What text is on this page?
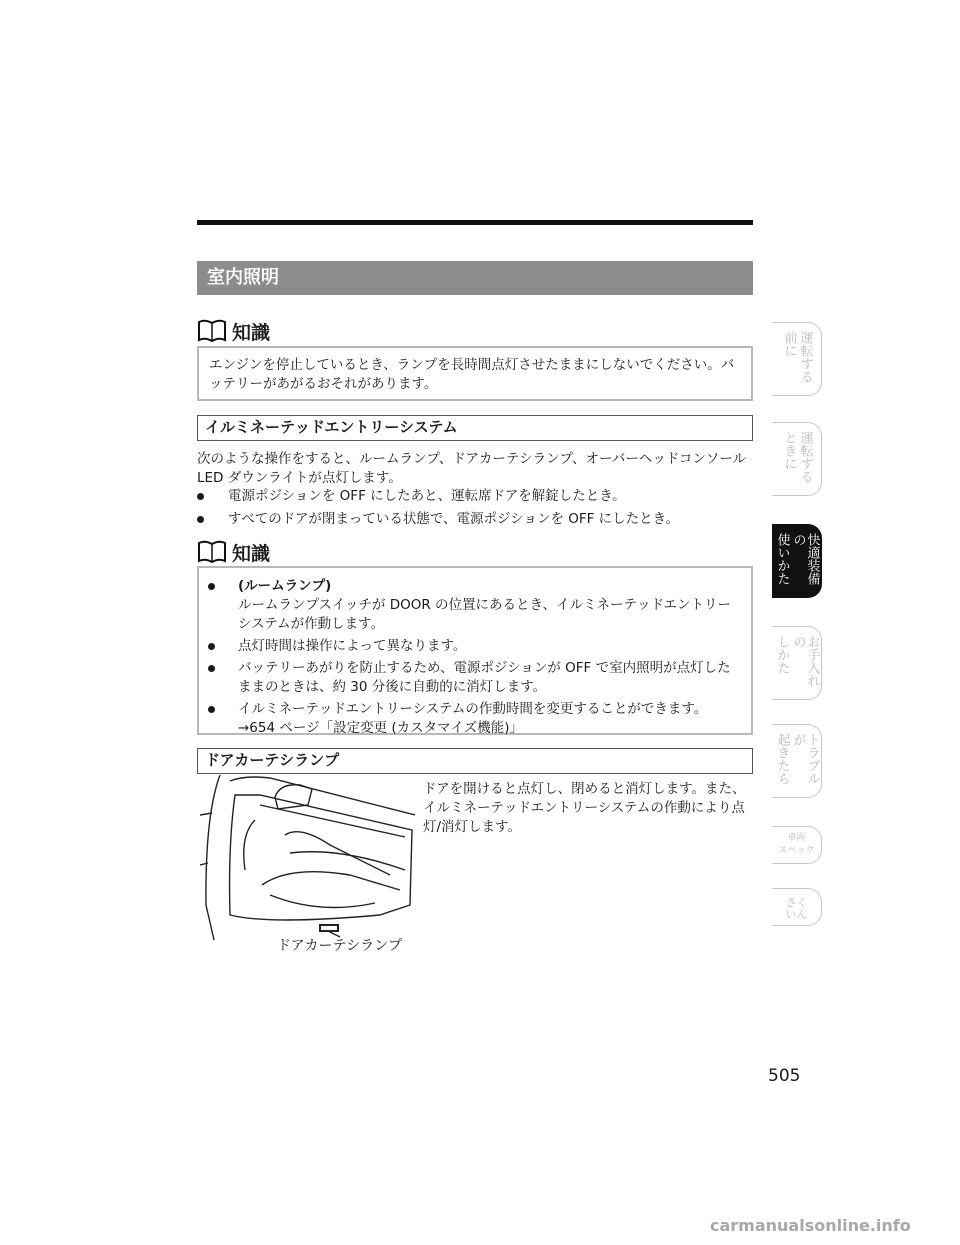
室内照明
知識
エンジンを停止しているとき、ランプを長時間点灯させたままにしないでください。バッテリーがあがるおそれがあります。
イルミネーテッドエントリーシステム
次のような操作をすると、ルームランプ、ドアカーテシランプ、オーバーヘッドコンソールLED ダウンライトが点灯します。
電源ポジションを OFF にしたあと、運転席ドアを解錠したとき。
すべてのドアが閉まっている状態で、電源ポジションを OFF にしたとき。
知識
(ルームランプ)
ルームランプスイッチが DOOR の位置にあるとき、イルミネーテッドエントリーシステムが作動します。
点灯時間は操作によって異なります。
バッテリーあがりを防止するため、電源ポジションが OFF で室内照明が点灯したままのときは、約 30 分後に自動的に消灯します。
イルミネーテッドエントリーシステムの作動時間を変更することができます。
→654 ページ「設定変更 (カスタマイズ機能)」
ドアカーテシランプ
ドアを開けると点灯し、閉めると消灯します。また、イルミネーテッドエントリーシステムの作動により点灯/消灯します。
ドアカーテシランプ
運転する
前に
運転する
ときに
快適装備の
使いかた
お手入れの
しかた
トラブルが
起きたら
車両
スペック
さく
いん
505
carmanualsonline.info
